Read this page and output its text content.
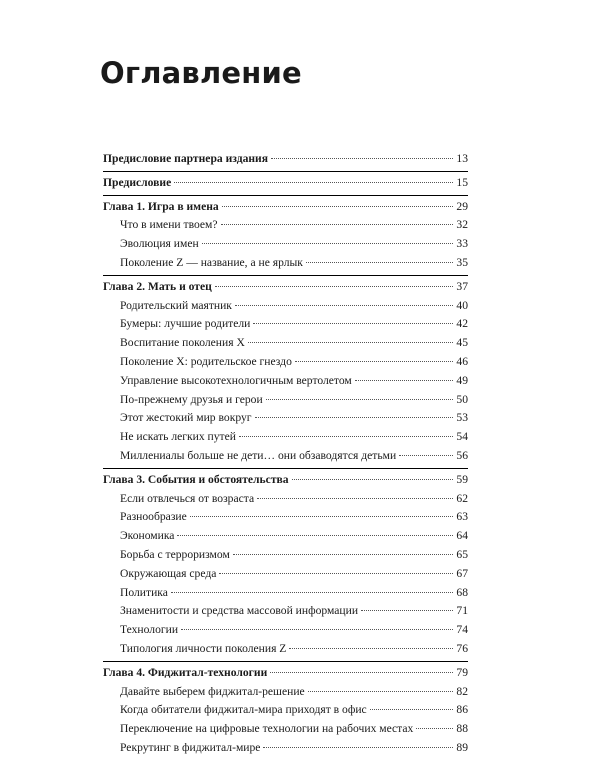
Оглавление
Предисловие партнера издания	13
Предисловие	15
Глава 1. Игра в имена	29
Что в имени твоем?	32
Эволюция имен	33
Поколение Z — название, а не ярлык	35
Глава 2. Мать и отец	37
Родительский маятник	40
Бумеры: лучшие родители	42
Воспитание поколения X	45
Поколение X: родительское гнездо	46
Управление высокотехнологичным вертолетом	49
По-прежнему друзья и герои	50
Этот жестокий мир вокруг	53
Не искать легких путей	54
Миллениалы больше не дети… они обзаводятся детьми	56
Глава 3. События и обстоятельства	59
Если отвлечься от возраста	62
Разнообразие	63
Экономика	64
Борьба с терроризмом	65
Окружающая среда	67
Политика	68
Знаменитости и средства массовой информации	71
Технологии	74
Типология личности поколения Z	76
Глава 4. Фиджитал-технологии	79
Давайте выберем фиджитал-решение	82
Когда обитатели фиджитал-мира приходят в офис	86
Переключение на цифровые технологии на рабочих местах	88
Рекрутинг в фиджитал-мире	89
